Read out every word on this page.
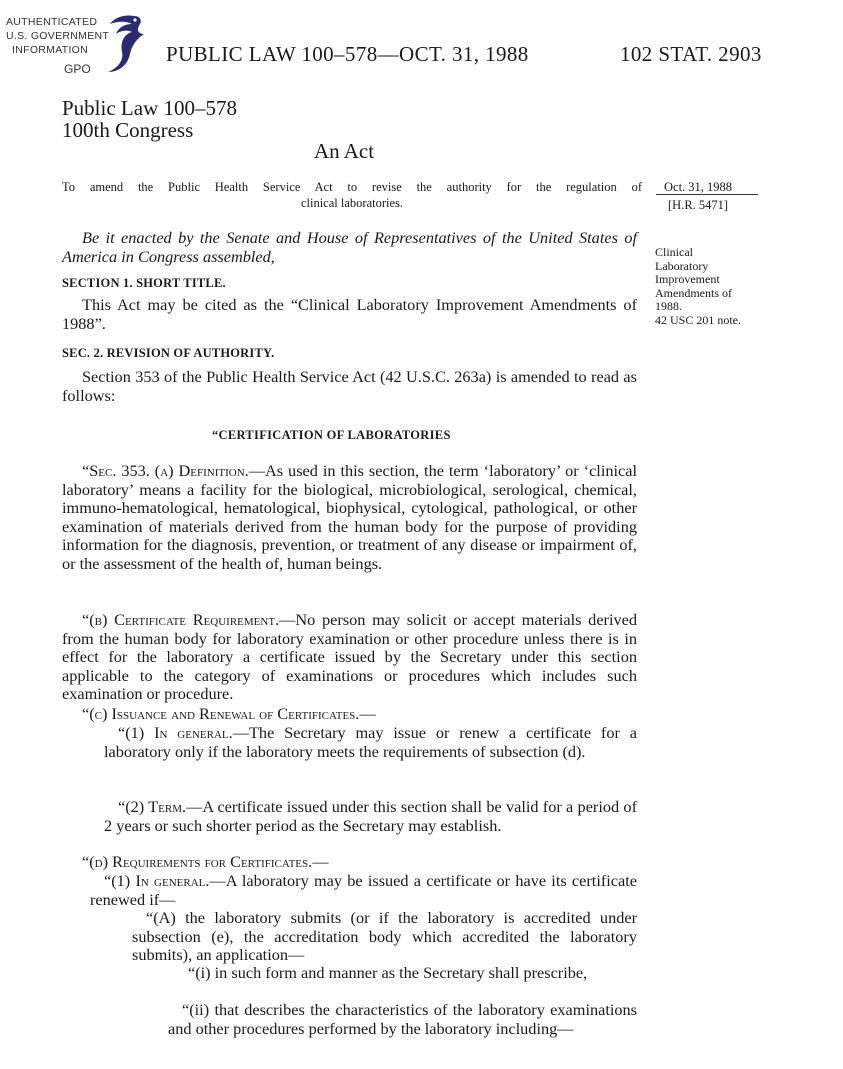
AUTHENTICATED
U.S. GOVERNMENT
INFORMATION
GPO
PUBLIC LAW 100–578—OCT. 31, 1988	102 STAT. 2903
Public Law 100–578
100th Congress
An Act
To amend the Public Health Service Act to revise the authority for the regulation of
clinical laboratories.
Oct. 31, 1988
[H.R. 5471]
Clinical
Laboratory
Improvement
Amendments of
1988.
42 USC 201 note.
Be it enacted by the Senate and House of Representatives of the United States of America in Congress assembled,
SECTION 1. SHORT TITLE.
This Act may be cited as the “Clinical Laboratory Improvement Amendments of 1988”.
SEC. 2. REVISION OF AUTHORITY.
Section 353 of the Public Health Service Act (42 U.S.C. 263a) is amended to read as follows:
“CERTIFICATION OF LABORATORIES
“Sec. 353. (a) Definition.—As used in this section, the term ‘laboratory’ or ‘clinical laboratory’ means a facility for the biological, microbiological, serological, chemical, immuno-hematological, hematological, biophysical, cytological, pathological, or other examination of materials derived from the human body for the purpose of providing information for the diagnosis, prevention, or treatment of any disease or impairment of, or the assessment of the health of, human beings.
“(b) Certificate Requirement.—No person may solicit or accept materials derived from the human body for laboratory examination or other procedure unless there is in effect for the laboratory a certificate issued by the Secretary under this section applicable to the category of examinations or procedures which includes such examination or procedure.
“(c) Issuance and Renewal of Certificates.—
“(1) In general.—The Secretary may issue or renew a certificate for a laboratory only if the laboratory meets the requirements of subsection (d).
“(2) Term.—A certificate issued under this section shall be valid for a period of 2 years or such shorter period as the Secretary may establish.
“(d) Requirements for Certificates.—
“(1) In general.—A laboratory may be issued a certificate or have its certificate renewed if—
“(A) the laboratory submits (or if the laboratory is accredited under subsection (e), the accreditation body which accredited the laboratory submits), an application—
“(i) in such form and manner as the Secretary shall prescribe,
“(ii) that describes the characteristics of the laboratory examinations and other procedures performed by the laboratory including—
